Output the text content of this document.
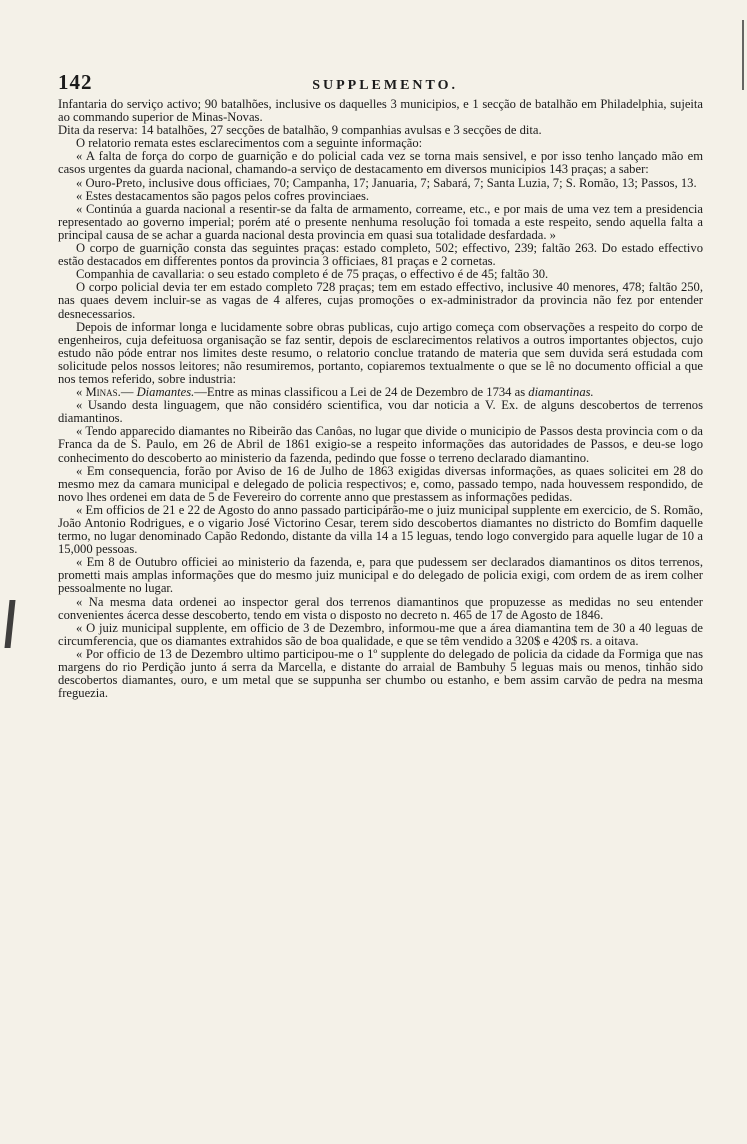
142	SUPPLEMENTO.

Infantaria do serviço activo; 90 batalhões, inclusive os daquelles 3 municipios, e 1 secção de batalhão em Philadelphia, sujeita ao commando superior de Minas-Novas.

Dita da reserva: 14 batalhões, 27 secções de batalhão, 9 companhias avulsas e 3 secções de dita.

O relatorio remata estes esclarecimentos com a seguinte informação:

« A falta de força do corpo de guarnição e do policial cada vez se torna mais sensivel, e por isso tenho lançado mão em casos urgentes da guarda nacional, chamando-a serviço de destacamento em diversos municipios 143 praças; a saber:

« Ouro-Preto, inclusive dous officiaes, 70; Campanha, 17; Januaria, 7; Sabará, 7; Santa Luzia, 7; S. Romão, 13; Passos, 13.

« Estes destacamentos são pagos pelos cofres provinciaes.

« Continúa a guarda nacional a resentir-se da falta de armamento, correame, etc., e por mais de uma vez tem a presidencia representado ao governo imperial; porém até o presente nenhuma resolução foi tomada a este respeito, sendo aquella falta a principal causa de se achar a guarda nacional desta provincia em quasi sua totalidade desfardada. »

O corpo de guarnição consta das seguintes praças: estado completo, 502; effectivo, 239; faltão 263. Do estado effectivo estão destacados em differentes pontos da provincia 3 officiaes, 81 praças e 2 cornetas.

Companhia de cavallaria: o seu estado completo é de 75 praças, o effectivo é de 45; faltão 30.

O corpo policial devia ter em estado completo 728 praças; tem em estado effectivo, inclusive 40 menores, 478; faltão 250, nas quaes devem incluir-se as vagas de 4 alferes, cujas promoções o ex-administrador da provincia não fez por entender desnecessarios.

Depois de informar longa e lucidamente sobre obras publicas, cujo artigo começa com observações a respeito do corpo de engenheiros, cuja defeituosa organisação se faz sentir, depois de esclarecimentos relativos a outros importantes objectos, cujo estudo não póde entrar nos limites deste resumo, o relatorio conclue tratando de materia que sem duvida será estudada com solicitude pelos nossos leitores; não resumiremos, portanto, copiaremos textualmente o que se lê no documento official a que nos temos referido, sobre industria:

« Minas.— Diamantes.—Entre as minas classificou a Lei de 24 de Dezembro de 1734 as diamantinas.

« Usando desta linguagem, que não considéro scientifica, vou dar noticia a V. Ex. de alguns descobertos de terrenos diamantinos.

« Tendo apparecido diamantes no Ribeirão das Canôas, no lugar que divide o municipio de Passos desta provincia com o da Franca da de S. Paulo, em 26 de Abril de 1861 exigio-se a respeito informações das autoridades de Passos, e deu-se logo conhecimento do descoberto ao ministerio da fazenda, pedindo que fosse o terreno declarado diamantino.

« Em consequencia, forão por Aviso de 16 de Julho de 1863 exigidas diversas informações, as quaes solicitei em 28 do mesmo mez da camara municipal e delegado de policia respectivos; e, como, passado tempo, nada houvessem respondido, de novo lhes ordenei em data de 5 de Fevereiro do corrente anno que prestassem as informações pedidas.

« Em officios de 21 e 22 de Agosto do anno passado participárão-me o juiz municipal supplente em exercicio, de S. Romão, João Antonio Rodrigues, e o vigario José Victorino Cesar, terem sido descobertos diamantes no districto do Bomfim daquelle termo, no lugar denominado Capão Redondo, distante da villa 14 a 15 leguas, tendo logo convergido para aquelle lugar de 10 a 15,000 pessoas.

« Em 8 de Outubro officiei ao ministerio da fazenda, e, para que pudessem ser declarados diamantinos os ditos terrenos, prometti mais amplas informações que do mesmo juiz municipal e do delegado de policia exigi, com ordem de as irem colher pessoalmente no lugar.

« Na mesma data ordenei ao inspector geral dos terrenos diamantinos que propuzesse as medidas no seu entender convenientes ácerca desse descoberto, tendo em vista o disposto no decreto n. 465 de 17 de Agosto de 1846.

« O juiz municipal supplente, em officio de 3 de Dezembro, informou-me que a área diamantina tem de 30 a 40 leguas de circumferencia, que os diamantes extrahidos são de boa qualidade, e que se têm vendido a 320$ e 420$ rs. a oitava.

« Por officio de 13 de Dezembro ultimo participou-me o 1º supplente do delegado de policia da cidade da Formiga que nas margens do rio Perdição junto á serra da Marcella, e distante do arraial de Bambuhy 5 leguas mais ou menos, tinhão sido descobertos diamantes, ouro, e um metal que se suppunha ser chumbo ou estanho, e bem assim carvão de pedra na mesma freguezia.
